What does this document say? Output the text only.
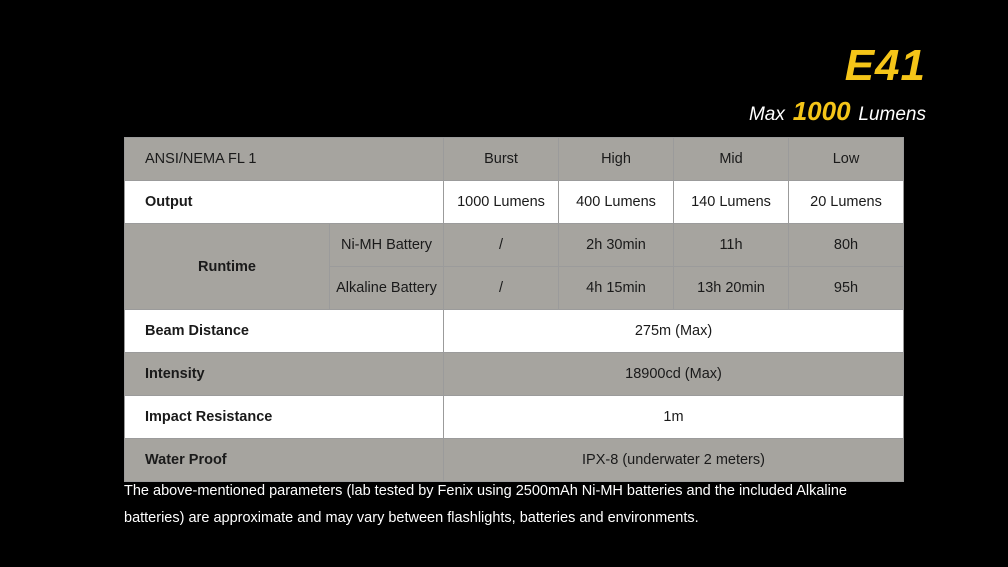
E41
Max 1000 Lumens
ANSI/NEMA FL 1		Burst	High	Mid	Low
Output		1000 Lumens	400 Lumens	140 Lumens	20 Lumens
Runtime	Ni-MH Battery	/	2h 30min	11h	80h
	Alkaline Battery	/	4h 15min	13h 20min	95h
Beam Distance		275m (Max)			
Intensity		18900cd (Max)			
Impact Resistance		1m			
Water Proof		IPX-8 (underwater 2 meters)			
The above-mentioned parameters (lab tested by Fenix using 2500mAh Ni-MH batteries and the included Alkaline
batteries) are approximate and may vary between flashlights, batteries and environments.
